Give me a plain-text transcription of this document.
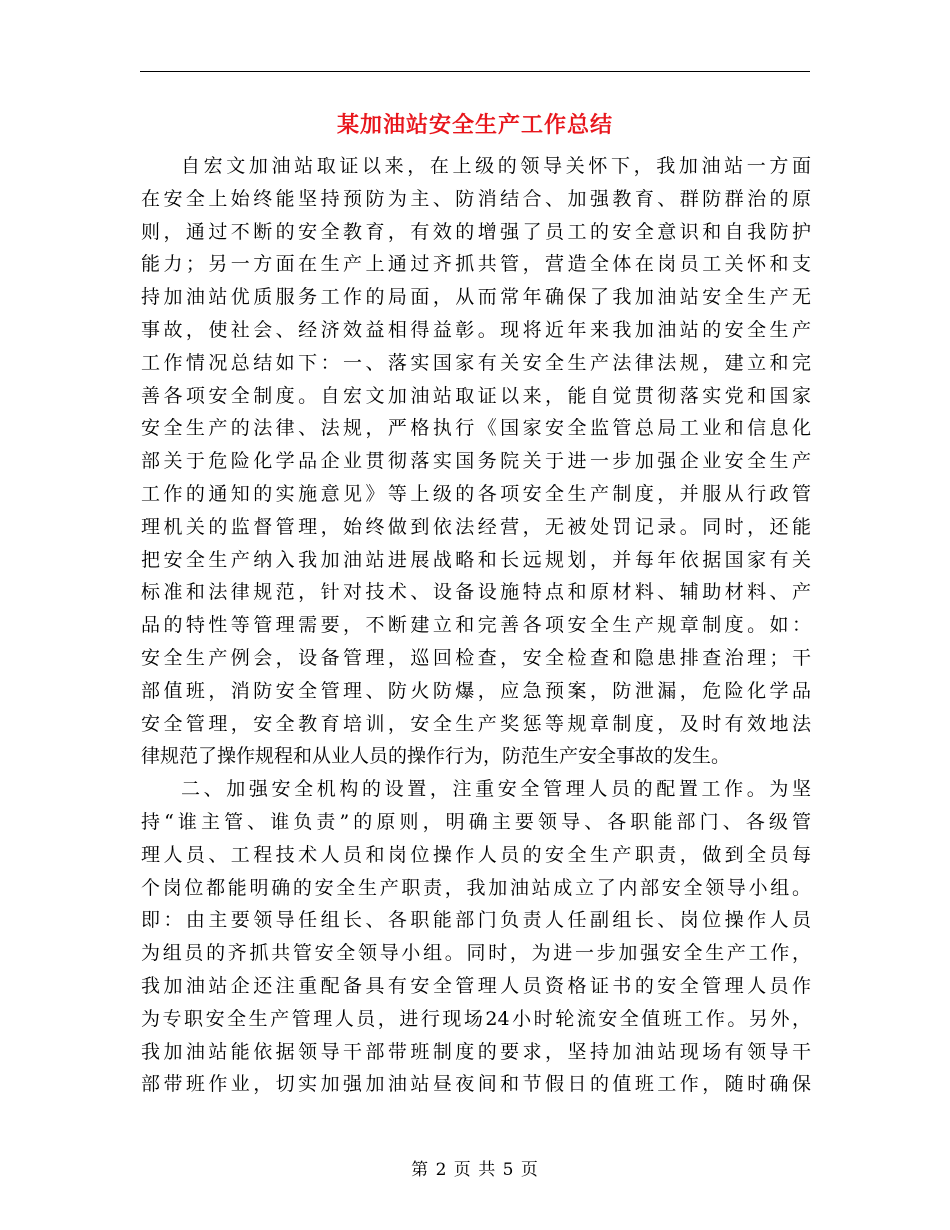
某加油站安全生产工作总结
自宏文加油站取证以来，在上级的领导关怀下，我加油站一方面
在安全上始终能坚持预防为主、防消结合、加强教育、群防群治的原
则，通过不断的安全教育，有效的增强了员工的安全意识和自我防护
能力；另一方面在生产上通过齐抓共管，营造全体在岗员工关怀和支
持加油站优质服务工作的局面，从而常年确保了我加油站安全生产无
事故，使社会、经济效益相得益彰。现将近年来我加油站的安全生产
工作情况总结如下：一、落实国家有关安全生产法律法规，建立和完
善各项安全制度。自宏文加油站取证以来，能自觉贯彻落实党和国家
安全生产的法律、法规，严格执行《国家安全监管总局工业和信息化
部关于危险化学品企业贯彻落实国务院关于进一步加强企业安全生产
工作的通知的实施意见》等上级的各项安全生产制度，并服从行政管
理机关的监督管理，始终做到依法经营，无被处罚记录。同时，还能
把安全生产纳入我加油站进展战略和长远规划，并每年依据国家有关
标准和法律规范，针对技术、设备设施特点和原材料、辅助材料、产
品的特性等管理需要，不断建立和完善各项安全生产规章制度。如：
安全生产例会，设备管理，巡回检查，安全检查和隐患排查治理；干
部值班，消防安全管理、防火防爆，应急预案，防泄漏，危险化学品
安全管理，安全教育培训，安全生产奖惩等规章制度，及时有效地法
律规范了操作规程和从业人员的操作行为，防范生产安全事故的发生。
二、加强安全机构的设置，注重安全管理人员的配置工作。为坚
持“谁主管、谁负责”的原则，明确主要领导、各职能部门、各级管
理人员、工程技术人员和岗位操作人员的安全生产职责，做到全员每
个岗位都能明确的安全生产职责，我加油站成立了内部安全领导小组。
即：由主要领导任组长、各职能部门负责人任副组长、岗位操作人员
为组员的齐抓共管安全领导小组。同时，为进一步加强安全生产工作，
我加油站企还注重配备具有安全管理人员资格证书的安全管理人员作
为专职安全生产管理人员，进行现场24小时轮流安全值班工作。另外，
我加油站能依据领导干部带班制度的要求，坚持加油站现场有领导干
部带班作业，切实加强加油站昼夜间和节假日的值班工作，随时确保
第 2 页 共 5 页
